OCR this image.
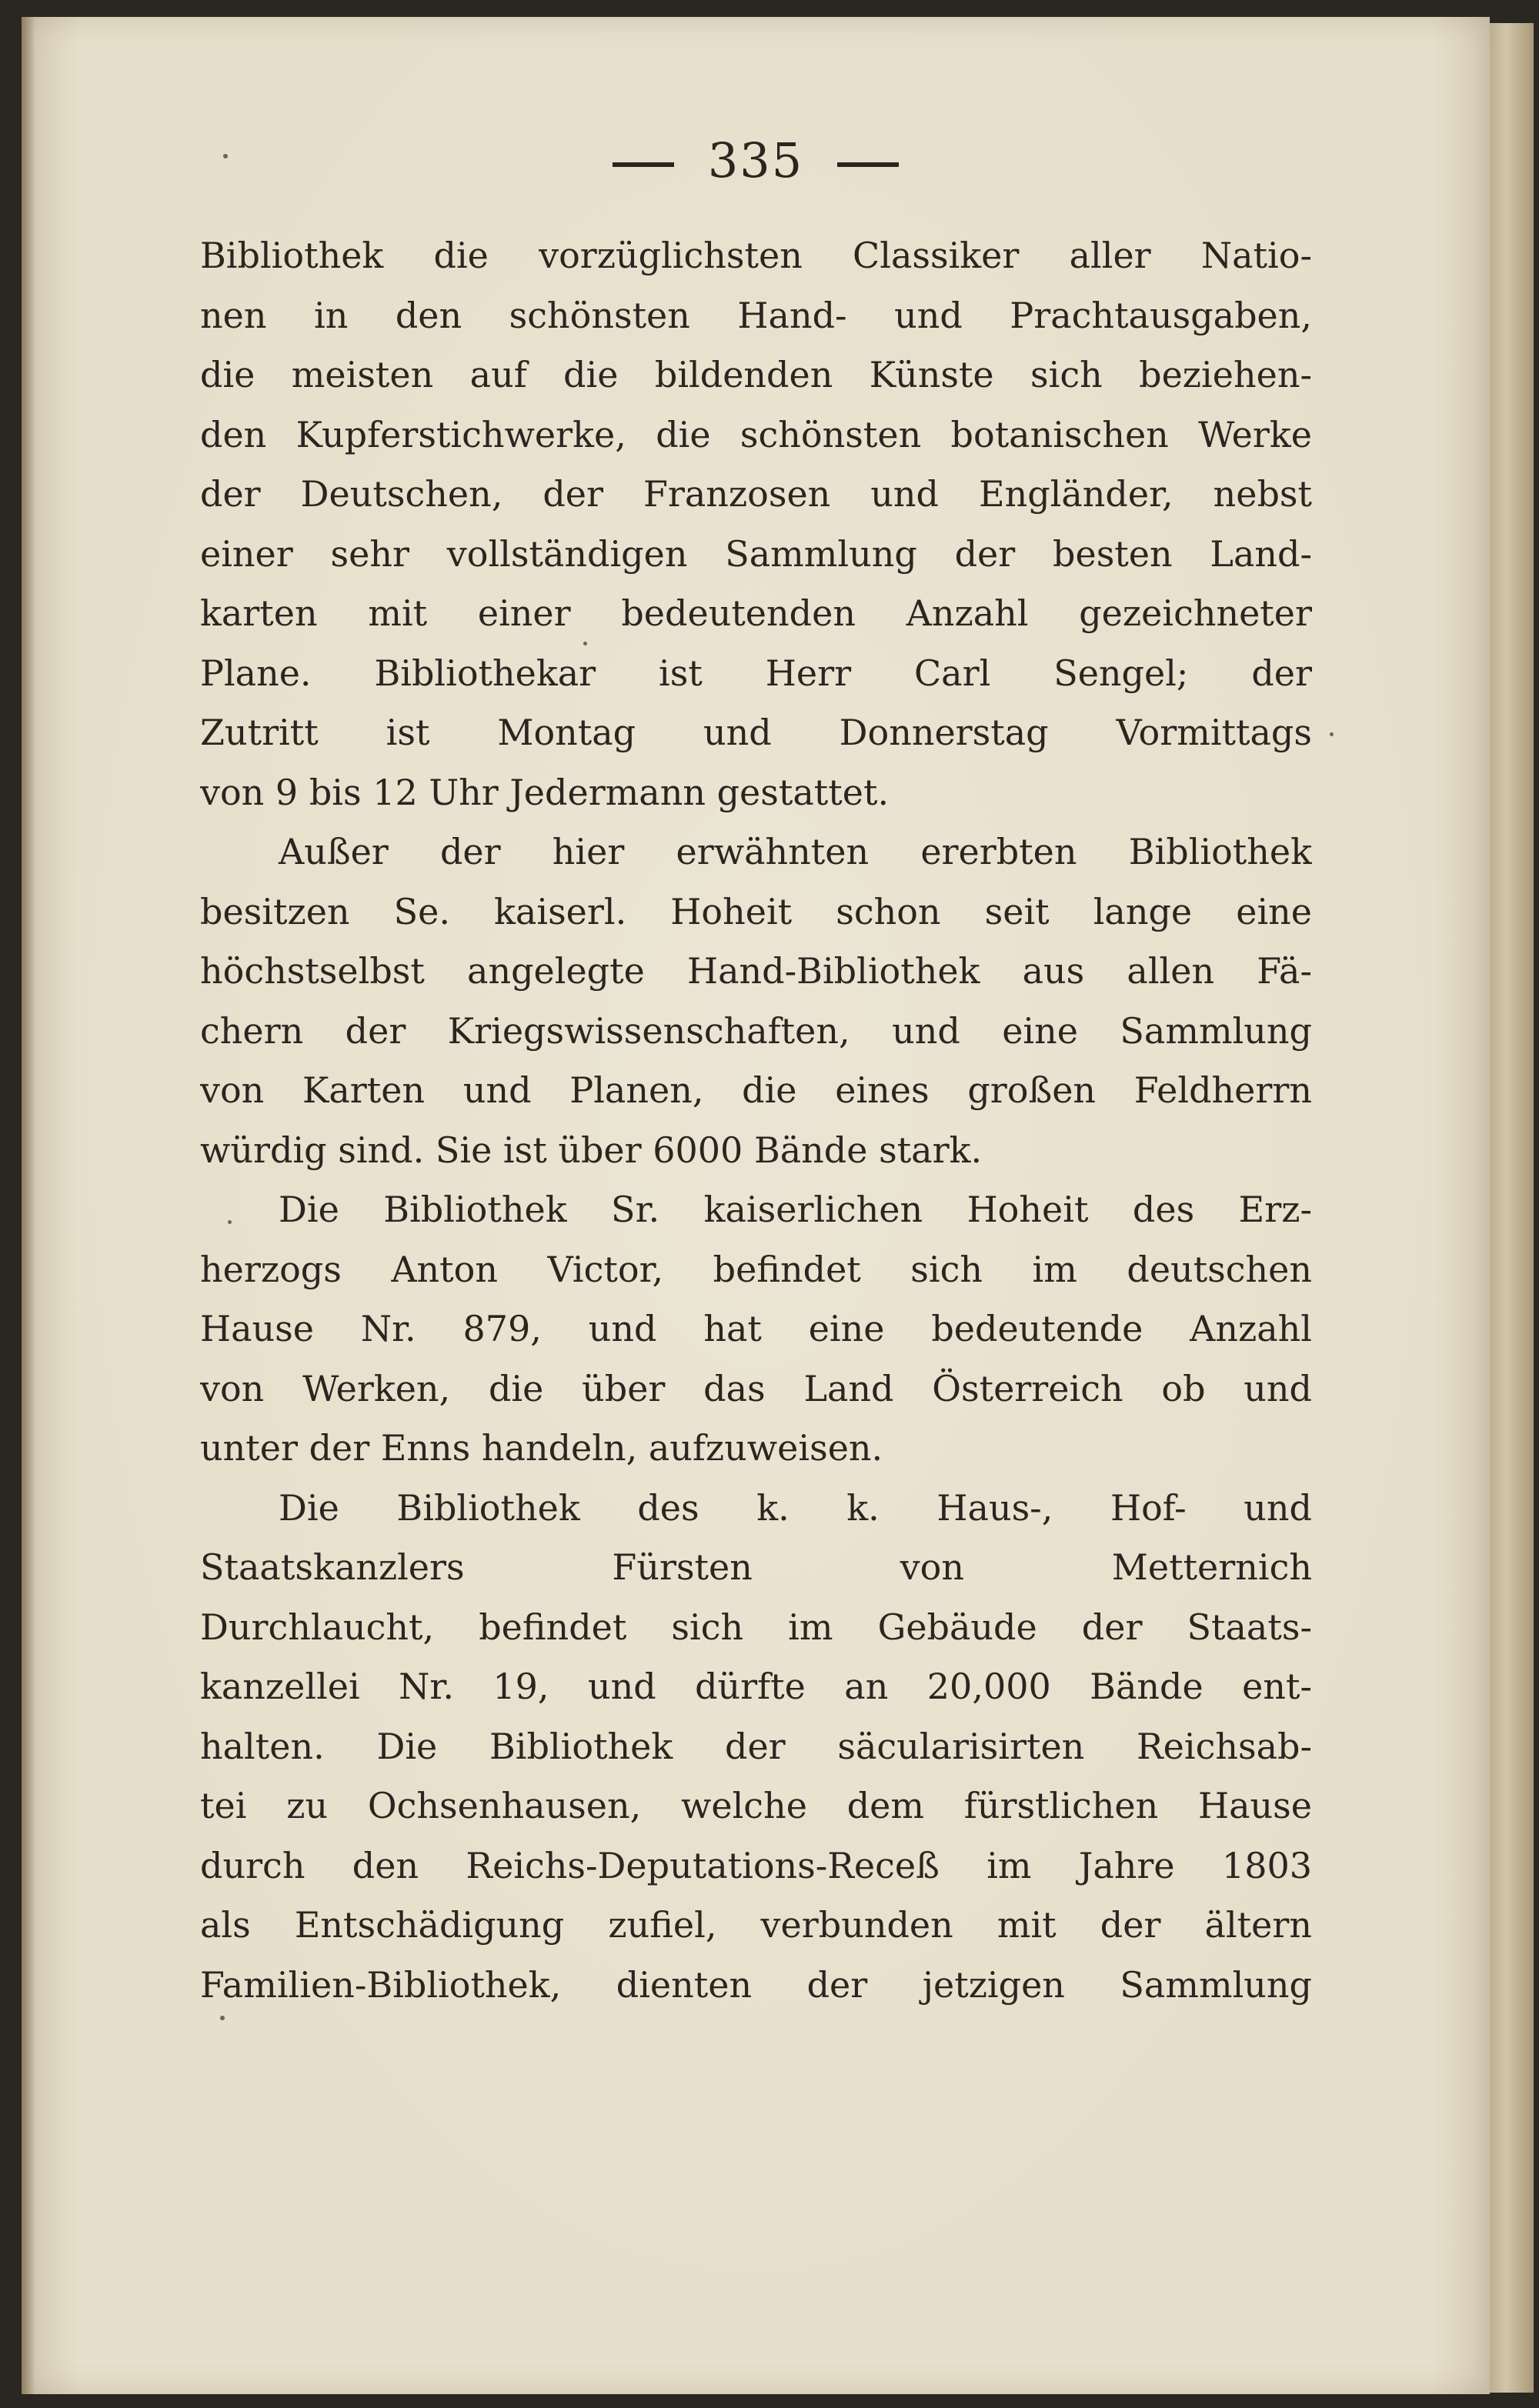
335
Bibliothek die vorzüglichsten Classiker aller Natio-
nen in den schönsten Hand- und Prachtausgaben,
die meisten auf die bildenden Künste sich beziehen-
den Kupferstichwerke, die schönsten botanischen Werke
der Deutschen, der Franzosen und Engländer, nebst
einer sehr vollständigen Sammlung der besten Land-
karten mit einer bedeutenden Anzahl gezeichneter
Plane. Bibliothekar ist Herr Carl Sengel; der
Zutritt ist Montag und Donnerstag Vormittags
von 9 bis 12 Uhr Jedermann gestattet.
Außer der hier erwähnten ererbten Bibliothek
besitzen Se. kaiserl. Hoheit schon seit lange eine
höchstselbst angelegte Hand-Bibliothek aus allen Fä-
chern der Kriegswissenschaften, und eine Sammlung
von Karten und Planen, die eines großen Feldherrn
würdig sind. Sie ist über 6000 Bände stark.
Die Bibliothek Sr. kaiserlichen Hoheit des Erz-
herzogs Anton Victor, befindet sich im deutschen
Hause Nr. 879, und hat eine bedeutende Anzahl
von Werken, die über das Land Österreich ob und
unter der Enns handeln, aufzuweisen.
Die Bibliothek des k. k. Haus-, Hof- und
Staatskanzlers Fürsten von Metternich
Durchlaucht, befindet sich im Gebäude der Staats-
kanzellei Nr. 19, und dürfte an 20,000 Bände ent-
halten. Die Bibliothek der säcularisirten Reichsab-
tei zu Ochsenhausen, welche dem fürstlichen Hause
durch den Reichs-Deputations-Receß im Jahre 1803
als Entschädigung zufiel, verbunden mit der ältern
Familien-Bibliothek, dienten der jetzigen Sammlung
